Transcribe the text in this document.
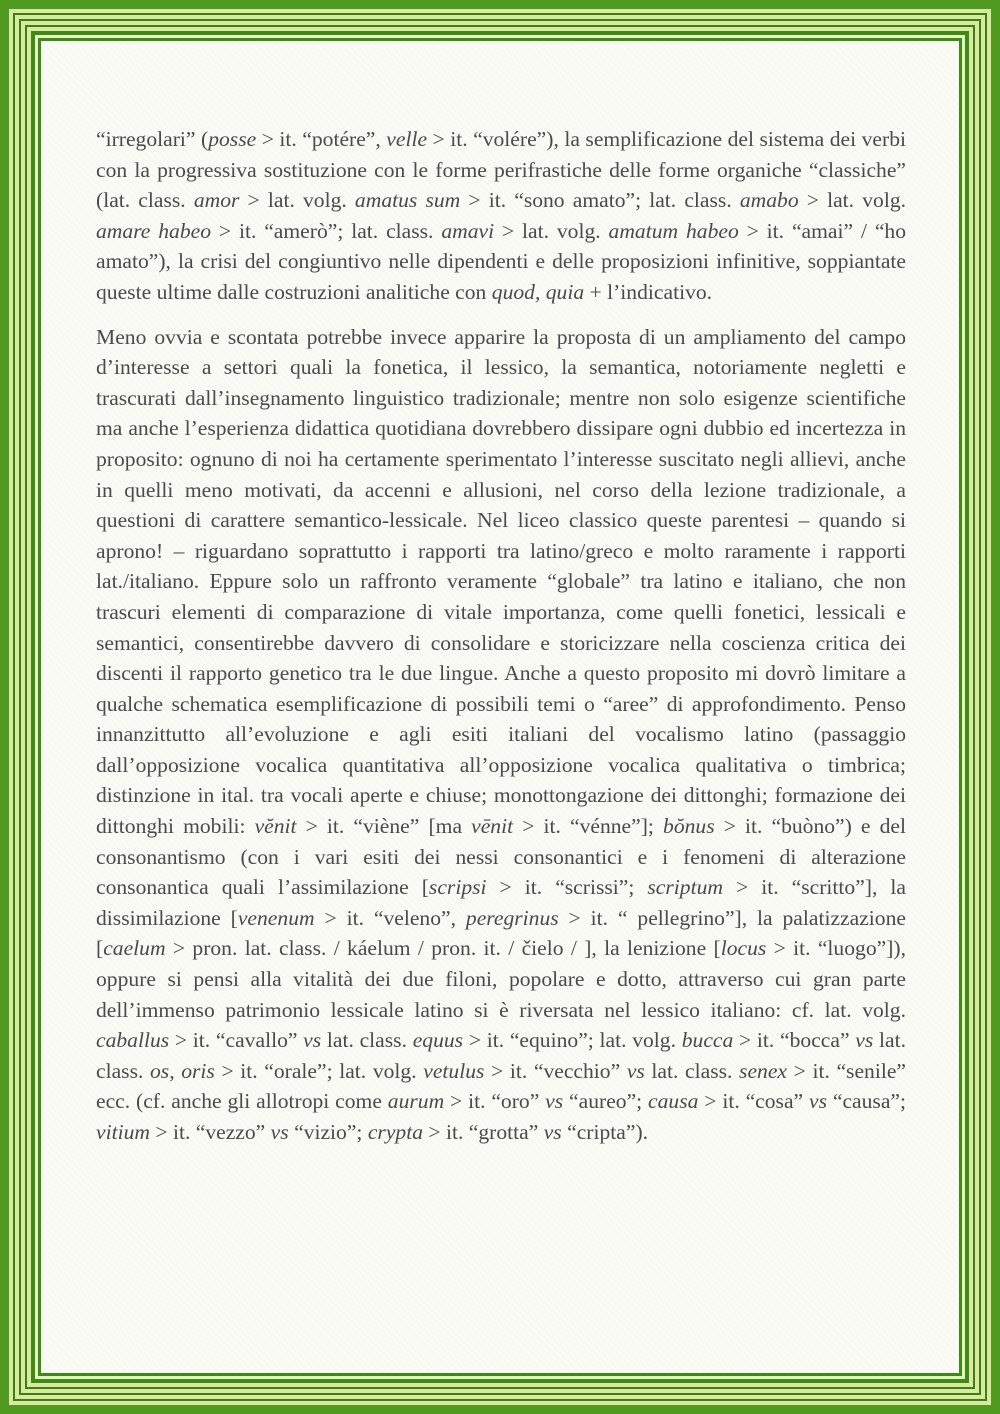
“irregolari” (posse > it. “potére”, velle > it. “volére”), la semplificazione del sistema dei verbi con la progressiva sostituzione con le forme perifrastiche delle forme organiche “classiche” (lat. class. amor > lat. volg. amatus sum > it. “sono amato”; lat. class. amabo > lat. volg. amare habeo > it. “amerò”; lat. class. amavi > lat. volg. amatum habeo > it. “amai” / “ho amato”), la crisi del congiuntivo nelle dipendenti e delle proposizioni infinitive, soppiantate queste ultime dalle costruzioni analitiche con quod, quia + l’indicativo.

Meno ovvia e scontata potrebbe invece apparire la proposta di un ampliamento del campo d’interesse a settori quali la fonetica, il lessico, la semantica, notoriamente negletti e trascurati dall’insegnamento linguistico tradizionale; mentre non solo esigenze scientifiche ma anche l’esperienza didattica quotidiana dovrebbero dissipare ogni dubbio ed incertezza in proposito: ognuno di noi ha certamente sperimentato l’interesse suscitato negli allievi, anche in quelli meno motivati, da accenni e allusioni, nel corso della lezione tradizionale, a questioni di carattere semantico-lessicale. Nel liceo classico queste parentesi – quando si aprono! – riguardano soprattutto i rapporti tra latino/greco e molto raramente i rapporti lat./italiano. Eppure solo un raffronto veramente “globale” tra latino e italiano, che non trascuri elementi di comparazione di vitale importanza, come quelli fonetici, lessicali e semantici, consentirebbe davvero di consolidare e storicizzare nella coscienza critica dei discenti il rapporto genetico tra le due lingue. Anche a questo proposito mi dovrò limitare a qualche schematica esemplificazione di possibili temi o “aree” di approfondimento. Penso innanzittutto all’evoluzione e agli esiti italiani del vocalismo latino (passaggio dall’opposizione vocalica quantitativa all’opposizione vocalica qualitativa o timbrica; distinzione in ital. tra vocali aperte e chiuse; monottongazione dei dittonghi; formazione dei dittonghi mobili: vĕnit > it. “viène” [ma vēnit > it. “vénne”]; bŏnus > it. “buòno”) e del consonantismo (con i vari esiti dei nessi consonantici e i fenomeni di alterazione consonantica quali l’assimilazione [scripsi > it. “scrissi”; scriptum > it. “scritto”], la dissimilazione [venenum > it. “veleno”, peregrinus > it. “ pellegrino”], la palatizzazione [caelum > pron. lat. class. / káelum / pron. it. / čielo / ], la lenizione [locus > it. “luogo”]), oppure si pensi alla vitalità dei due filoni, popolare e dotto, attraverso cui gran parte dell’immenso patrimonio lessicale latino si è riversata nel lessico italiano: cf. lat. volg. caballus > it. “cavallo” vs lat. class. equus > it. “equino”; lat. volg. bucca > it. “bocca” vs lat. class. os, oris > it. “orale”; lat. volg. vetulus > it. “vecchio” vs lat. class. senex > it. “senile” ecc. (cf. anche gli allotropi come aurum > it. “oro” vs “aureo”; causa > it. “cosa” vs “causa”; vitium > it. “vezzo” vs “vizio”; crypta > it. “grotta” vs “cripta”).
